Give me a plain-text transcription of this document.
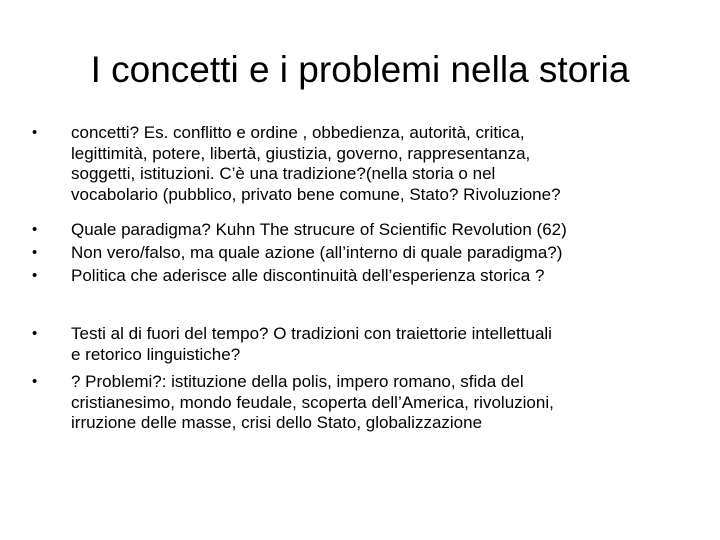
I concetti e i problemi nella storia
•	concetti? Es. conflitto e ordine , obbedienza, autorità, critica,
legittimità, potere, libertà, giustizia, governo, rappresentanza,
soggetti, istituzioni. C’è una tradizione?(nella storia o nel
vocabolario (pubblico, privato bene comune, Stato? Rivoluzione?
•	Quale paradigma? Kuhn The strucure of Scientific Revolution (62)
•	Non vero/falso, ma quale azione (all’interno di quale paradigma?)
•	Politica che aderisce alle discontinuità dell’esperienza storica ?
•	Testi al di fuori del tempo? O tradizioni con traiettorie intellettuali
e retorico linguistiche?
•	? Problemi?: istituzione della polis, impero romano, sfida del
cristianesimo, mondo feudale, scoperta dell’America, rivoluzioni,
irruzione delle masse, crisi dello Stato, globalizzazione
